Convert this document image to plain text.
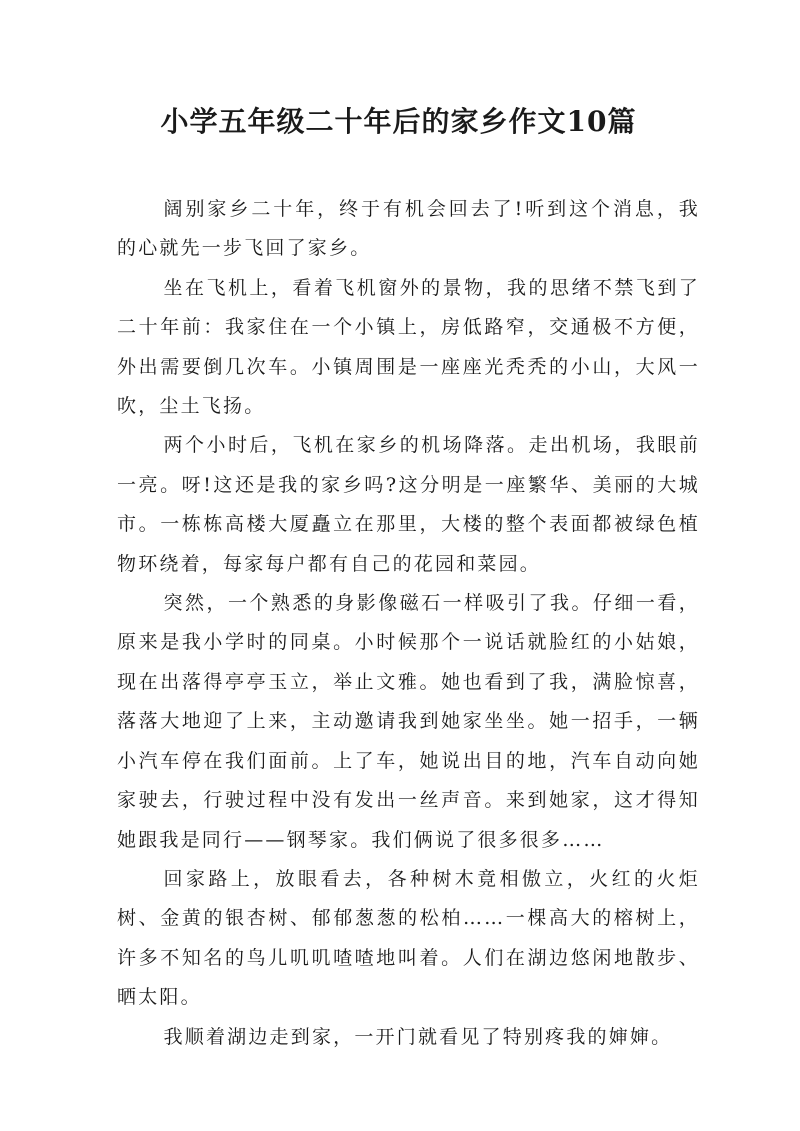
小学五年级二十年后的家乡作文10篇

阔别家乡二十年，终于有机会回去了!听到这个消息，我的心就先一步飞回了家乡。

坐在飞机上，看着飞机窗外的景物，我的思绪不禁飞到了二十年前：我家住在一个小镇上，房低路窄，交通极不方便，外出需要倒几次车。小镇周围是一座座光秃秃的小山，大风一吹，尘土飞扬。

两个小时后，飞机在家乡的机场降落。走出机场，我眼前一亮。呀!这还是我的家乡吗?这分明是一座繁华、美丽的大城市。一栋栋高楼大厦矗立在那里，大楼的整个表面都被绿色植物环绕着，每家每户都有自己的花园和菜园。

突然，一个熟悉的身影像磁石一样吸引了我。仔细一看，原来是我小学时的同桌。小时候那个一说话就脸红的小姑娘，现在出落得亭亭玉立，举止文雅。她也看到了我，满脸惊喜，落落大地迎了上来，主动邀请我到她家坐坐。她一招手，一辆小汽车停在我们面前。上了车，她说出目的地，汽车自动向她家驶去，行驶过程中没有发出一丝声音。来到她家，这才得知她跟我是同行——钢琴家。我们俩说了很多很多……

回家路上，放眼看去，各种树木竟相傲立，火红的火炬树、金黄的银杏树、郁郁葱葱的松柏……一棵高大的榕树上，许多不知名的鸟儿叽叽喳喳地叫着。人们在湖边悠闲地散步、晒太阳。

我顺着湖边走到家，一开门就看见了特别疼我的婶婶。
